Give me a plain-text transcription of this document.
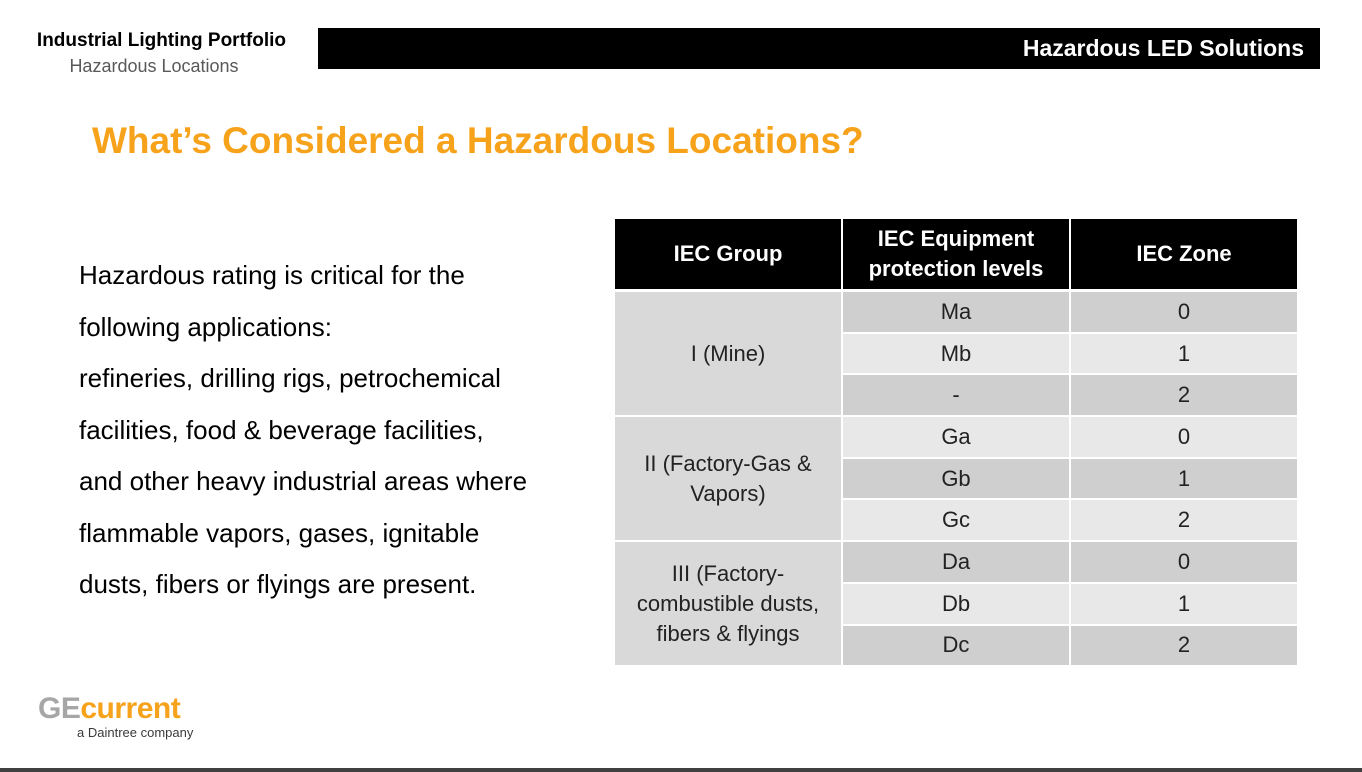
Industrial Lighting Portfolio
Hazardous Locations
Hazardous LED Solutions
What’s Considered a Hazardous Locations?
Hazardous rating is critical for the
following applications:
refineries, drilling rigs, petrochemical
facilities, food & beverage facilities,
and other heavy industrial areas where
flammable vapors, gases, ignitable
dusts, fibers or flyings are present.
IEC Group	IEC Equipment protection levels	IEC Zone
I (Mine)	Ma	0
	Mb	1
	-	2
II (Factory-Gas & Vapors)	Ga	0
	Gb	1
	Gc	2
III (Factory-combustible dusts, fibers & flyings	Da	0
	Db	1
	Dc	2
GEcurrent
a Daintree company
